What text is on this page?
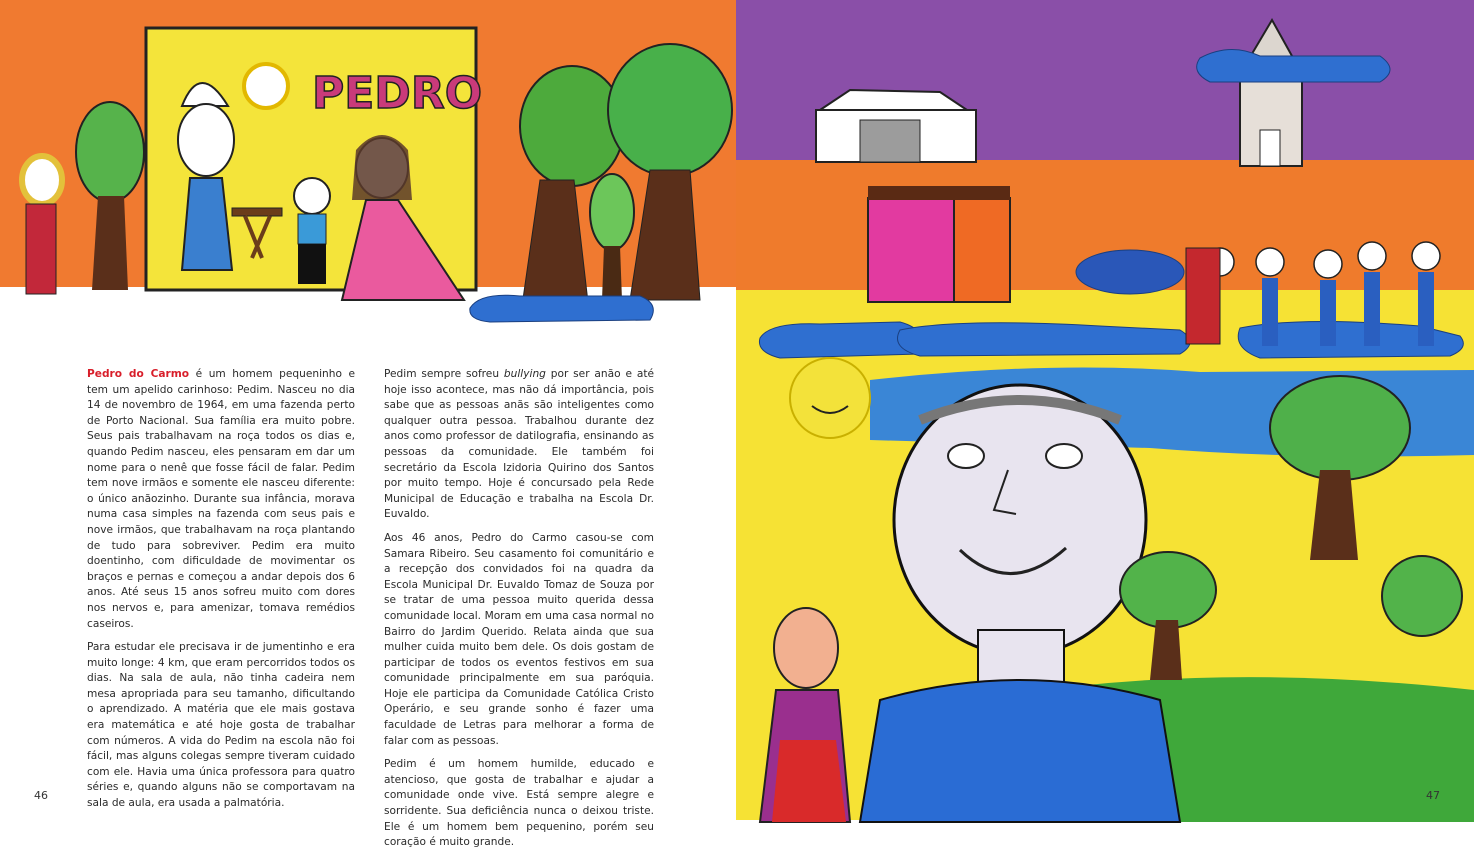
PEDRO

Pedro do Carmo é um homem pequeninho e tem um apelido carinhoso: Pedim. Nasceu no dia 14 de novembro de 1964, em uma fazenda perto de Porto Nacional. Sua família era muito pobre. Seus pais trabalhavam na roça todos os dias e, quando Pedim nasceu, eles pensaram em dar um nome para o nenê que fosse fácil de falar. Pedim tem nove irmãos e somente ele nasceu diferente: o único anãozinho. Durante sua infância, morava numa casa simples na fazenda com seus pais e nove irmãos, que trabalhavam na roça plantando de tudo para sobreviver. Pedim era muito doentinho, com dificuldade de movimentar os braços e pernas e começou a andar depois dos 6 anos. Até seus 15 anos sofreu muito com dores nos nervos e, para amenizar, tomava remédios caseiros.

Para estudar ele precisava ir de jumentinho e era muito longe: 4 km, que eram percorridos todos os dias. Na sala de aula, não tinha cadeira nem mesa apropriada para seu tamanho, dificultando o aprendizado. A matéria que ele mais gostava era matemática e até hoje gosta de trabalhar com números. A vida do Pedim na escola não foi fácil, mas alguns colegas sempre tiveram cuidado com ele. Havia uma única professora para quatro séries e, quando alguns não se comportavam na sala de aula, era usada a palmatória.

Pedim sempre sofreu bullying por ser anão e até hoje isso acontece, mas não dá importância, pois sabe que as pessoas anãs são inteligentes como qualquer outra pessoa. Trabalhou durante dez anos como professor de datilografia, ensinando as pessoas da comunidade. Ele também foi secretário da Escola Izidoria Quirino dos Santos por muito tempo. Hoje é concursado pela Rede Municipal de Educação e trabalha na Escola Dr. Euvaldo.

Aos 46 anos, Pedro do Carmo casou-se com Samara Ribeiro. Seu casamento foi comunitário e a recepção dos convidados foi na quadra da Escola Municipal Dr. Euvaldo Tomaz de Souza por se tratar de uma pessoa muito querida dessa comunidade local. Moram em uma casa normal no Bairro do Jardim Querido. Relata ainda que sua mulher cuida muito bem dele. Os dois gostam de participar de todos os eventos festivos em sua comunidade principalmente em sua paróquia. Hoje ele participa da Comunidade Católica Cristo Operário, e seu grande sonho é fazer uma faculdade de Letras para melhorar a forma de falar com as pessoas.

Pedim é um homem humilde, educado e atencioso, que gosta de trabalhar e ajudar a comunidade onde vive. Está sempre alegre e sorridente. Sua deficiência nunca o deixou triste. Ele é um homem bem pequenino, porém seu coração é muito grande.

46	47
